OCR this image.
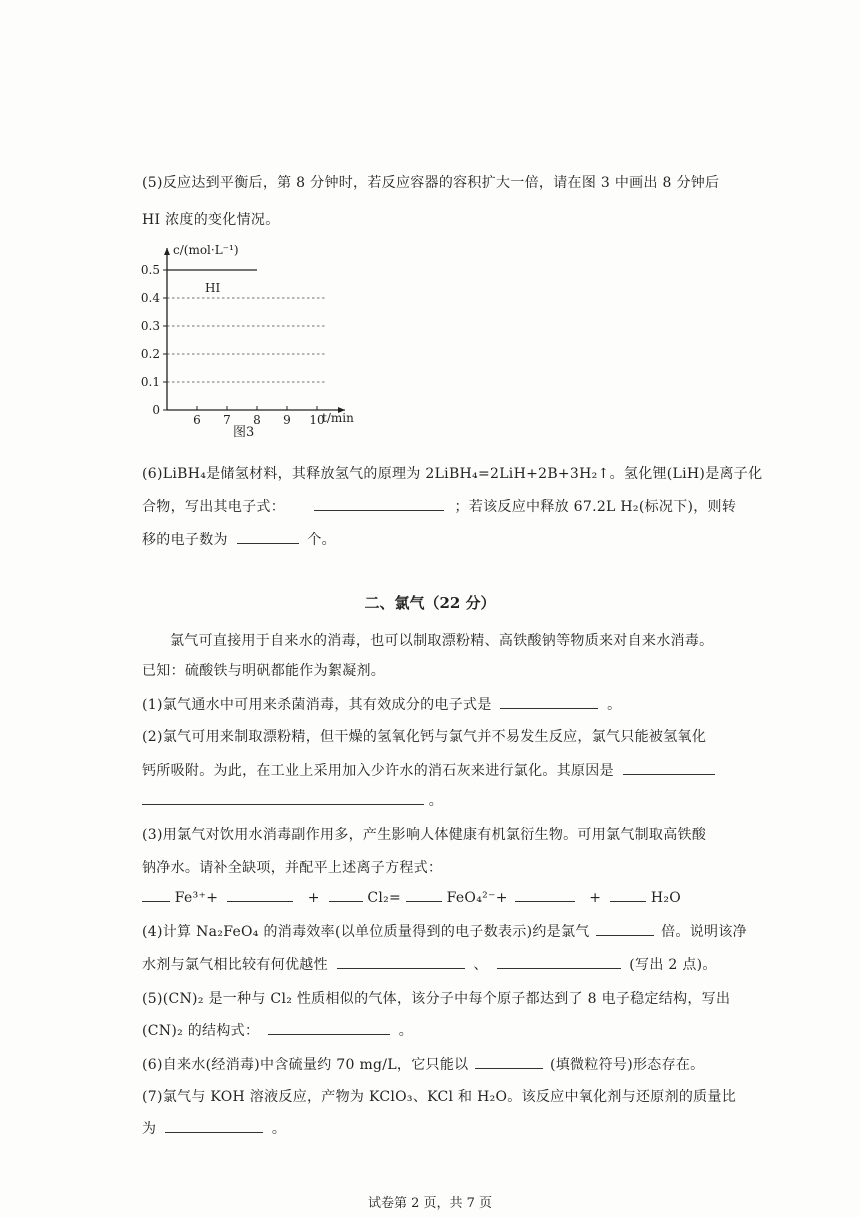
(5)反应达到平衡后，第 8 分钟时，若反应容器的容积扩大一倍，请在图 3 中画出 8 分钟后
HI 浓度的变化情况。
0
0.1
0.2
0.3
0.4
0.5
6 7 8 9 10
c/(mol·L⁻¹)
t/min
HI
图3
(6)LiBH₄是储氢材料，其释放氢气的原理为 2LiBH₄=2LiH+2B+3H₂↑。氢化锂(LiH)是离子化
合物，写出其电子式：	；若该反应中释放 67.2L H₂(标况下)，则转
移的电子数为	个。
二、氯气（22 分）
氯气可直接用于自来水的消毒，也可以制取漂粉精、高铁酸钠等物质来对自来水消毒。
已知：硫酸铁与明矾都能作为絮凝剂。
(1)氯气通水中可用来杀菌消毒，其有效成分的电子式是	。
(2)氯气可用来制取漂粉精，但干燥的氢氧化钙与氯气并不易发生反应，氯气只能被氢氧化
钙所吸附。为此，在工业上采用加入少许水的消石灰来进行氯化。其原因是
。
(3)用氯气对饮用水消毒副作用多，产生影响人体健康有机氯衍生物。可用氯气制取高铁酸
钠净水。请补全缺项，并配平上述离子方程式：
Fe³⁺+	+	Cl₂=	FeO₄²⁻+	+	H₂O
(4)计算 Na₂FeO₄ 的消毒效率(以单位质量得到的电子数表示)约是氯气	倍。说明该净
水剂与氯气相比较有何优越性	、	(写出 2 点)。
(5)(CN)₂ 是一种与 Cl₂ 性质相似的气体，该分子中每个原子都达到了 8 电子稳定结构，写出
(CN)₂ 的结构式：	。
(6)自来水(经消毒)中含硫量约 70 mg/L，它只能以	(填微粒符号)形态存在。
(7)氯气与 KOH 溶液反应，产物为 KClO₃、KCl 和 H₂O。该反应中氧化剂与还原剂的质量比
为	。
试卷第 2 页，共 7 页
